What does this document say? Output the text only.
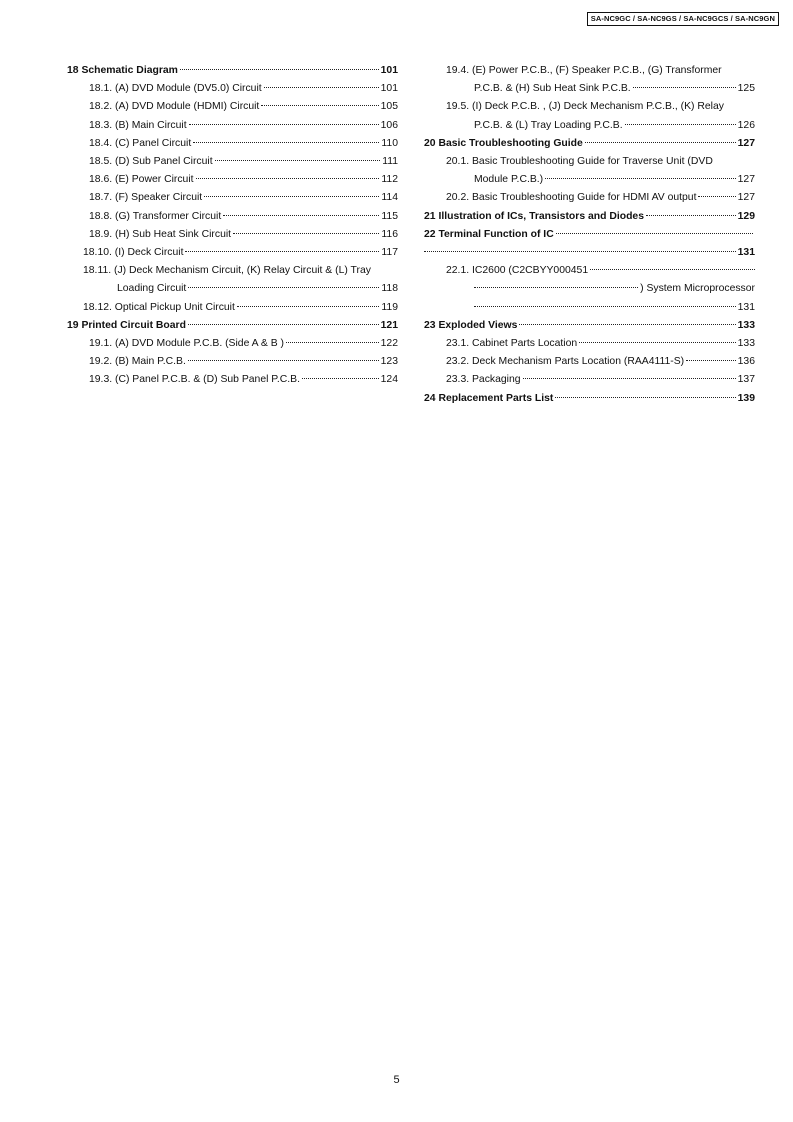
SA-NC9GC / SA-NC9GS / SA-NC9GCS / SA-NC9GN
18 Schematic Diagram	101
18.1. (A) DVD Module (DV5.0) Circuit	101
18.2. (A) DVD Module (HDMI) Circuit	105
18.3. (B) Main Circuit	106
18.4. (C) Panel Circuit	110
18.5. (D) Sub Panel Circuit	111
18.6. (E) Power Circuit	112
18.7. (F) Speaker Circuit	114
18.8. (G) Transformer Circuit	115
18.9. (H) Sub Heat Sink Circuit	116
18.10. (I) Deck Circuit	117
18.11. (J) Deck Mechanism Circuit, (K) Relay Circuit & (L) Tray
Loading Circuit	118
18.12. Optical Pickup Unit Circuit	119
19 Printed Circuit Board	121
19.1. (A) DVD Module P.C.B. (Side A & B )	122
19.2. (B) Main P.C.B.	123
19.3. (C) Panel P.C.B. & (D) Sub Panel P.C.B.	124
19.4. (E) Power P.C.B., (F) Speaker P.C.B., (G) Transformer
P.C.B. & (H) Sub Heat Sink P.C.B.	125
19.5. (I) Deck P.C.B. , (J) Deck Mechanism P.C.B., (K) Relay
P.C.B. & (L) Tray Loading P.C.B.	126
20 Basic Troubleshooting Guide	127
20.1. Basic Troubleshooting Guide for Traverse Unit (DVD
Module P.C.B.)	127
20.2. Basic Troubleshooting Guide for HDMI AV output	127
21 Illustration of ICs, Transistors and Diodes	129
22 Terminal Function of IC
131
22.1. IC2600 (C2CBYY000451
) System Microprocessor
131
23 Exploded Views	133
23.1. Cabinet Parts Location	133
23.2. Deck Mechanism Parts Location (RAA4111-S)	136
23.3. Packaging	137
24 Replacement Parts List	139
5
